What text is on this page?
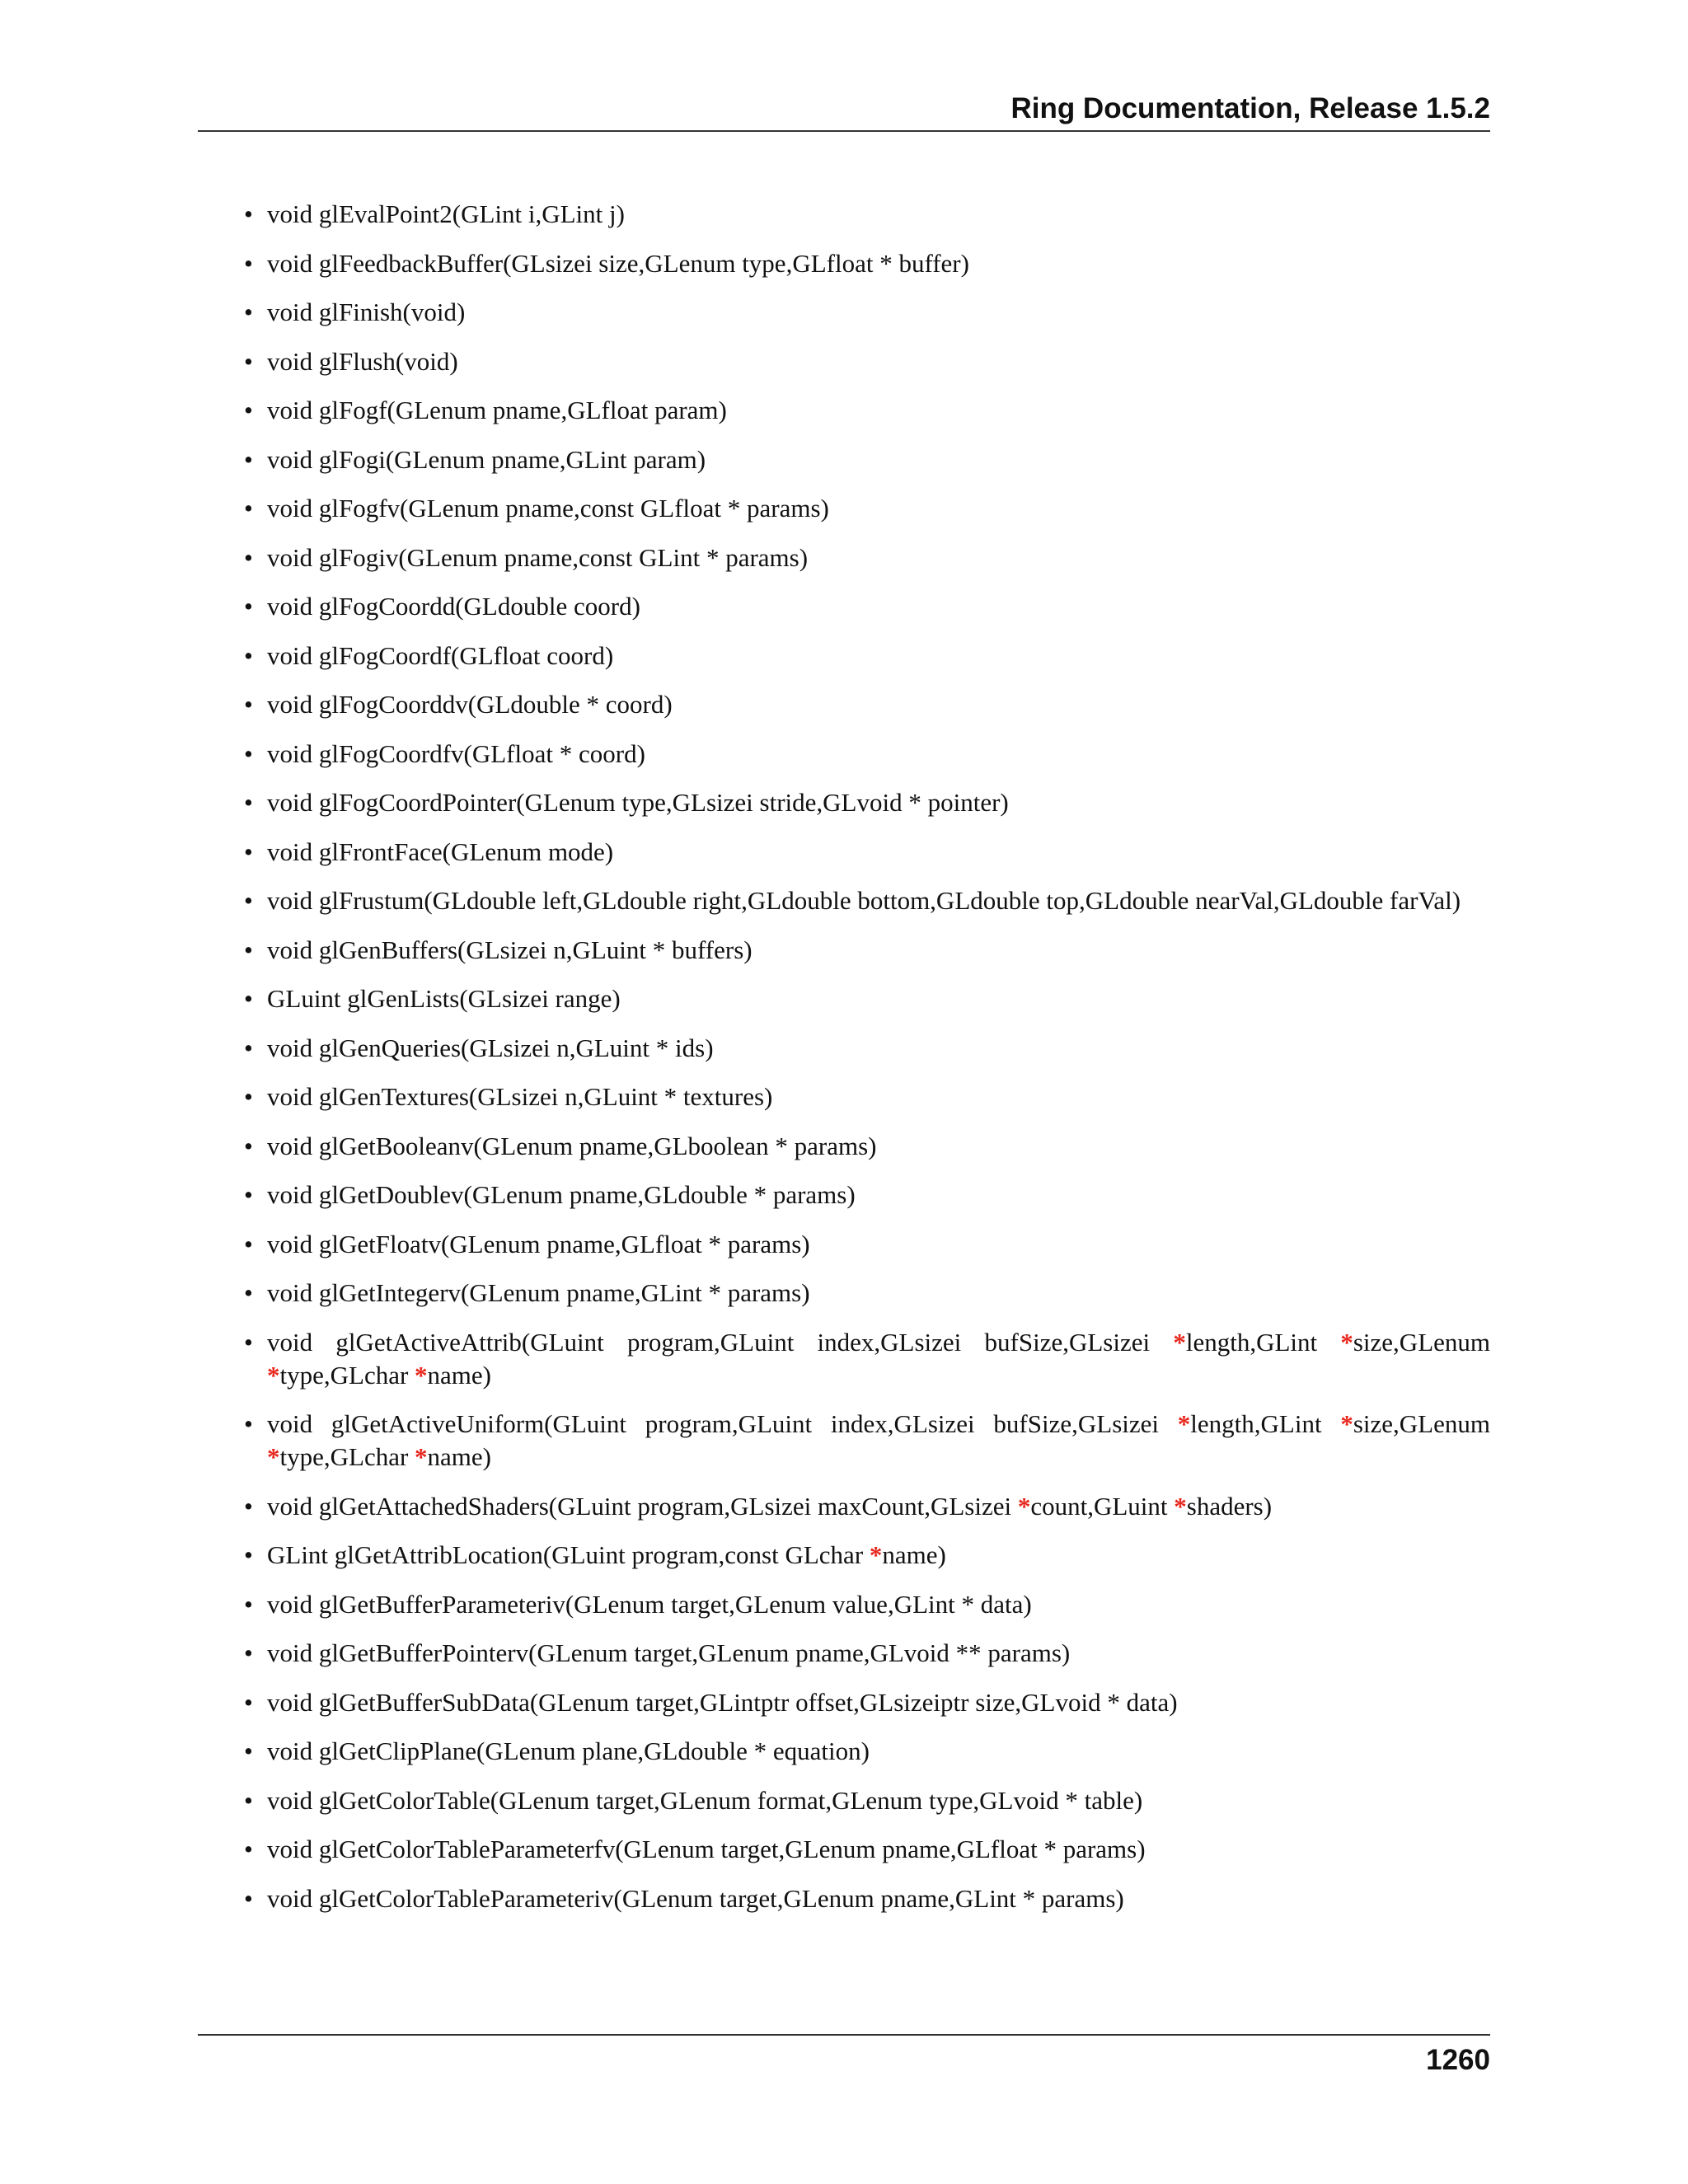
Ring Documentation, Release 1.5.2
• void glEvalPoint2(GLint i,GLint j)
• void glFeedbackBuffer(GLsizei size,GLenum type,GLfloat * buffer)
• void glFinish(void)
• void glFlush(void)
• void glFogf(GLenum pname,GLfloat param)
• void glFogi(GLenum pname,GLint param)
• void glFogfv(GLenum pname,const GLfloat * params)
• void glFogiv(GLenum pname,const GLint * params)
• void glFogCoordd(GLdouble coord)
• void glFogCoordf(GLfloat coord)
• void glFogCoorddv(GLdouble * coord)
• void glFogCoordfv(GLfloat * coord)
• void glFogCoordPointer(GLenum type,GLsizei stride,GLvoid * pointer)
• void glFrontFace(GLenum mode)
• void glFrustum(GLdouble left,GLdouble right,GLdouble bottom,GLdouble top,GLdouble nearVal,GLdouble farVal)
• void glGenBuffers(GLsizei n,GLuint * buffers)
• GLuint glGenLists(GLsizei range)
• void glGenQueries(GLsizei n,GLuint * ids)
• void glGenTextures(GLsizei n,GLuint * textures)
• void glGetBooleanv(GLenum pname,GLboolean * params)
• void glGetDoublev(GLenum pname,GLdouble * params)
• void glGetFloatv(GLenum pname,GLfloat * params)
• void glGetIntegerv(GLenum pname,GLint * params)
• void glGetActiveAttrib(GLuint program,GLuint index,GLsizei bufSize,GLsizei *length,GLint *size,GLenum *type,GLchar *name)
• void glGetActiveUniform(GLuint program,GLuint index,GLsizei bufSize,GLsizei *length,GLint *size,GLenum *type,GLchar *name)
• void glGetAttachedShaders(GLuint program,GLsizei maxCount,GLsizei *count,GLuint *shaders)
• GLint glGetAttribLocation(GLuint program,const GLchar *name)
• void glGetBufferParameteriv(GLenum target,GLenum value,GLint * data)
• void glGetBufferPointerv(GLenum target,GLenum pname,GLvoid ** params)
• void glGetBufferSubData(GLenum target,GLintptr offset,GLsizeiptr size,GLvoid * data)
• void glGetClipPlane(GLenum plane,GLdouble * equation)
• void glGetColorTable(GLenum target,GLenum format,GLenum type,GLvoid * table)
• void glGetColorTableParameterfv(GLenum target,GLenum pname,GLfloat * params)
• void glGetColorTableParameteriv(GLenum target,GLenum pname,GLint * params)
1260
